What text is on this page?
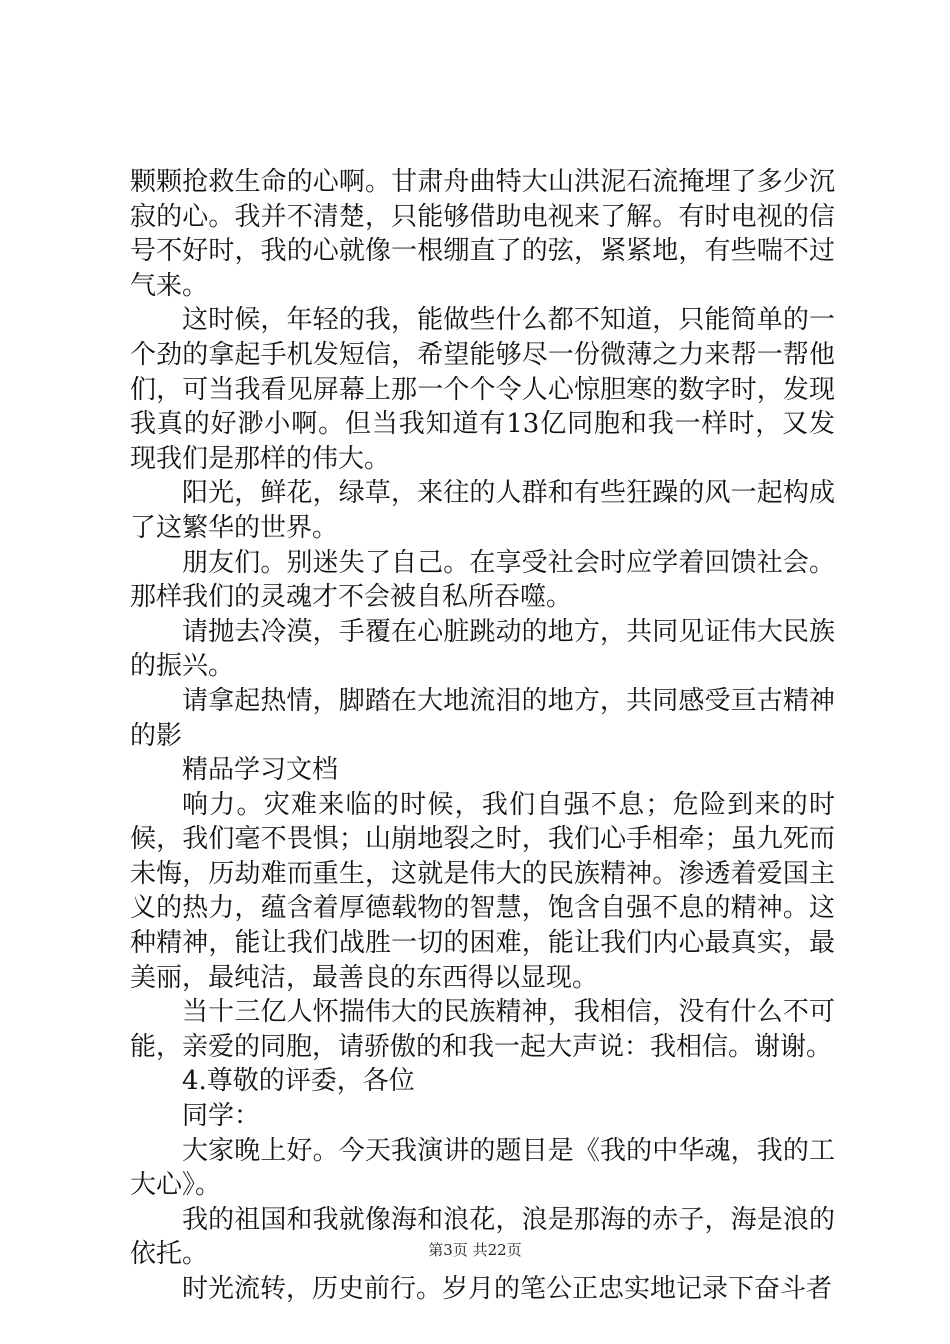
颗颗抢救生命的心啊。甘肃舟曲特大山洪泥石流掩埋了多少沉寂的心。我并不清楚，只能够借助电视来了解。有时电视的信号不好时，我的心就像一根绷直了的弦，紧紧地，有些喘不过气来。

这时候，年轻的我，能做些什么都不知道，只能简单的一个劲的拿起手机发短信，希望能够尽一份微薄之力来帮一帮他们，可当我看见屏幕上那一个个令人心惊胆寒的数字时，发现我真的好渺小啊。但当我知道有13亿同胞和我一样时，又发现我们是那样的伟大。

阳光，鲜花，绿草，来往的人群和有些狂躁的风一起构成了这繁华的世界。

朋友们。别迷失了自己。在享受社会时应学着回馈社会。那样我们的灵魂才不会被自私所吞噬。

请抛去冷漠，手覆在心脏跳动的地方，共同见证伟大民族的振兴。

请拿起热情，脚踏在大地流泪的地方，共同感受亘古精神的影

精品学习文档

响力。灾难来临的时候，我们自强不息；危险到来的时候，我们毫不畏惧；山崩地裂之时，我们心手相牵；虽九死而未悔，历劫难而重生，这就是伟大的民族精神。渗透着爱国主义的热力，蕴含着厚德载物的智慧，饱含自强不息的精神。这种精神，能让我们战胜一切的困难，能让我们内心最真实，最美丽，最纯洁，最善良的东西得以显现。

当十三亿人怀揣伟大的民族精神，我相信，没有什么不可能，亲爱的同胞，请骄傲的和我一起大声说：我相信。谢谢。

4.尊敬的评委，各位

同学：

大家晚上好。今天我演讲的题目是《我的中华魂，我的工大心》。

我的祖国和我就像海和浪花，浪是那海的赤子，海是浪的依托。

时光流转，历史前行。岁月的笔公正忠实地记录下奋斗者

第3页 共22页
